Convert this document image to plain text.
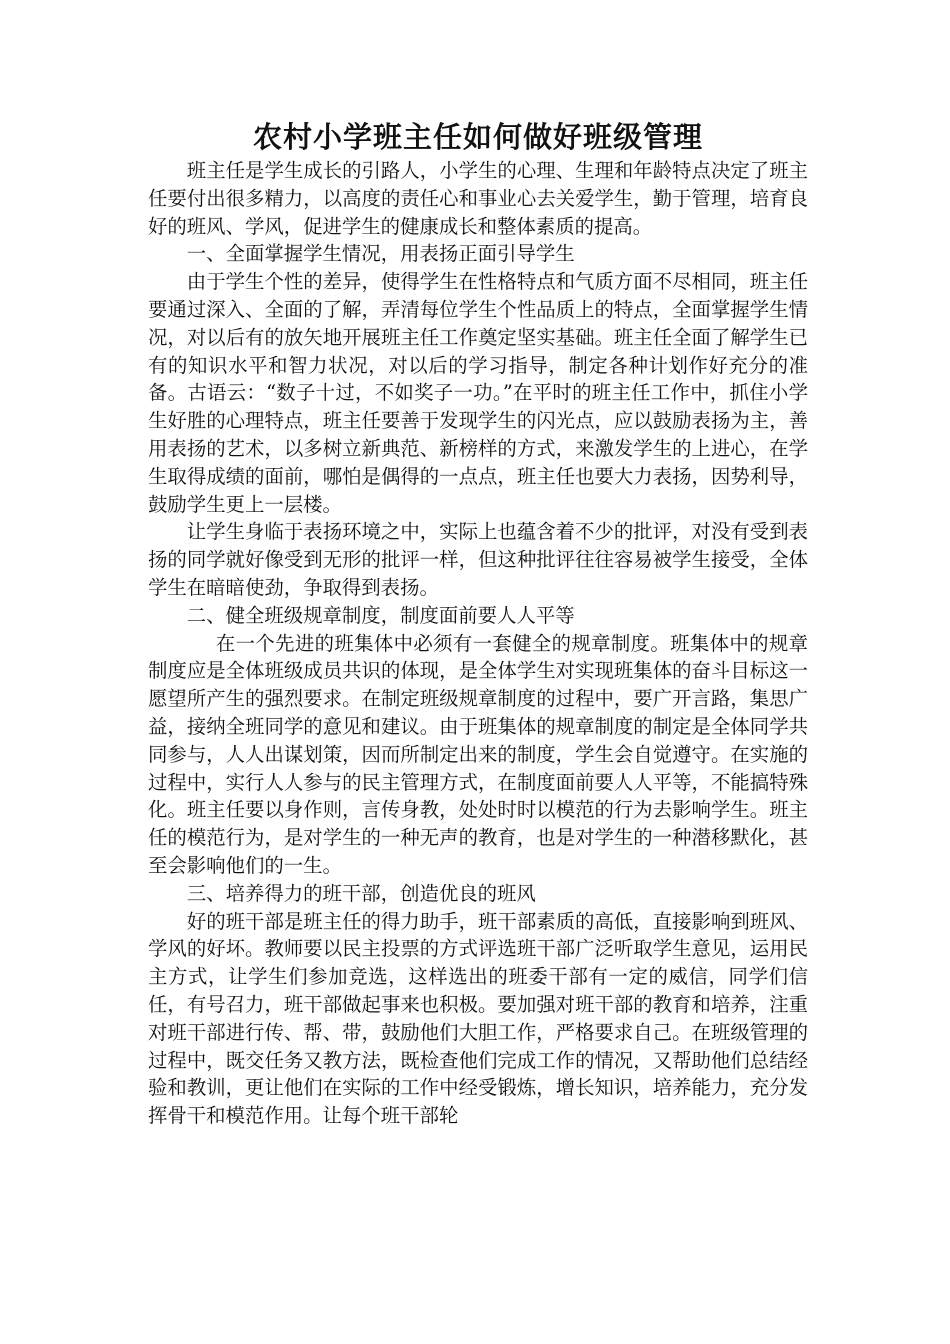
农村小学班主任如何做好班级管理

班主任是学生成长的引路人，小学生的心理、生理和年龄特点决定了班主任要付出很多精力，以高度的责任心和事业心去关爱学生，勤于管理，培育良好的班风、学风，促进学生的健康成长和整体素质的提高。

一、全面掌握学生情况，用表扬正面引导学生

由于学生个性的差异，使得学生在性格特点和气质方面不尽相同，班主任要通过深入、全面的了解，弄清每位学生个性品质上的特点，全面掌握学生情况，对以后有的放矢地开展班主任工作奠定坚实基础。班主任全面了解学生已有的知识水平和智力状况，对以后的学习指导，制定各种计划作好充分的准备。古语云：“数子十过，不如奖子一功。”在平时的班主任工作中，抓住小学生好胜的心理特点，班主任要善于发现学生的闪光点，应以鼓励表扬为主，善用表扬的艺术，以多树立新典范、新榜样的方式，来激发学生的上进心，在学生取得成绩的面前，哪怕是偶得的一点点，班主任也要大力表扬，因势利导，鼓励学生更上一层楼。

让学生身临于表扬环境之中，实际上也蕴含着不少的批评，对没有受到表扬的同学就好像受到无形的批评一样，但这种批评往往容易被学生接受，全体学生在暗暗使劲，争取得到表扬。

二、健全班级规章制度，制度面前要人人平等

在一个先进的班集体中必须有一套健全的规章制度。班集体中的规章制度应是全体班级成员共识的体现，是全体学生对实现班集体的奋斗目标这一愿望所产生的强烈要求。在制定班级规章制度的过程中，要广开言路，集思广益，接纳全班同学的意见和建议。由于班集体的规章制度的制定是全体同学共同参与，人人出谋划策，因而所制定出来的制度，学生会自觉遵守。在实施的过程中，实行人人参与的民主管理方式，在制度面前要人人平等，不能搞特殊化。班主任要以身作则，言传身教，处处时时以模范的行为去影响学生。班主任的模范行为，是对学生的一种无声的教育，也是对学生的一种潜移默化，甚至会影响他们的一生。

三、培养得力的班干部，创造优良的班风

好的班干部是班主任的得力助手，班干部素质的高低，直接影响到班风、学风的好坏。教师要以民主投票的方式评选班干部广泛听取学生意见，运用民主方式，让学生们参加竞选，这样选出的班委干部有一定的威信，同学们信任，有号召力，班干部做起事来也积极。要加强对班干部的教育和培养，注重对班干部进行传、帮、带，鼓励他们大胆工作，严格要求自己。在班级管理的过程中，既交任务又教方法，既检查他们完成工作的情况，又帮助他们总结经验和教训，更让他们在实际的工作中经受锻炼，增长知识，培养能力，充分发挥骨干和模范作用。让每个班干部轮
